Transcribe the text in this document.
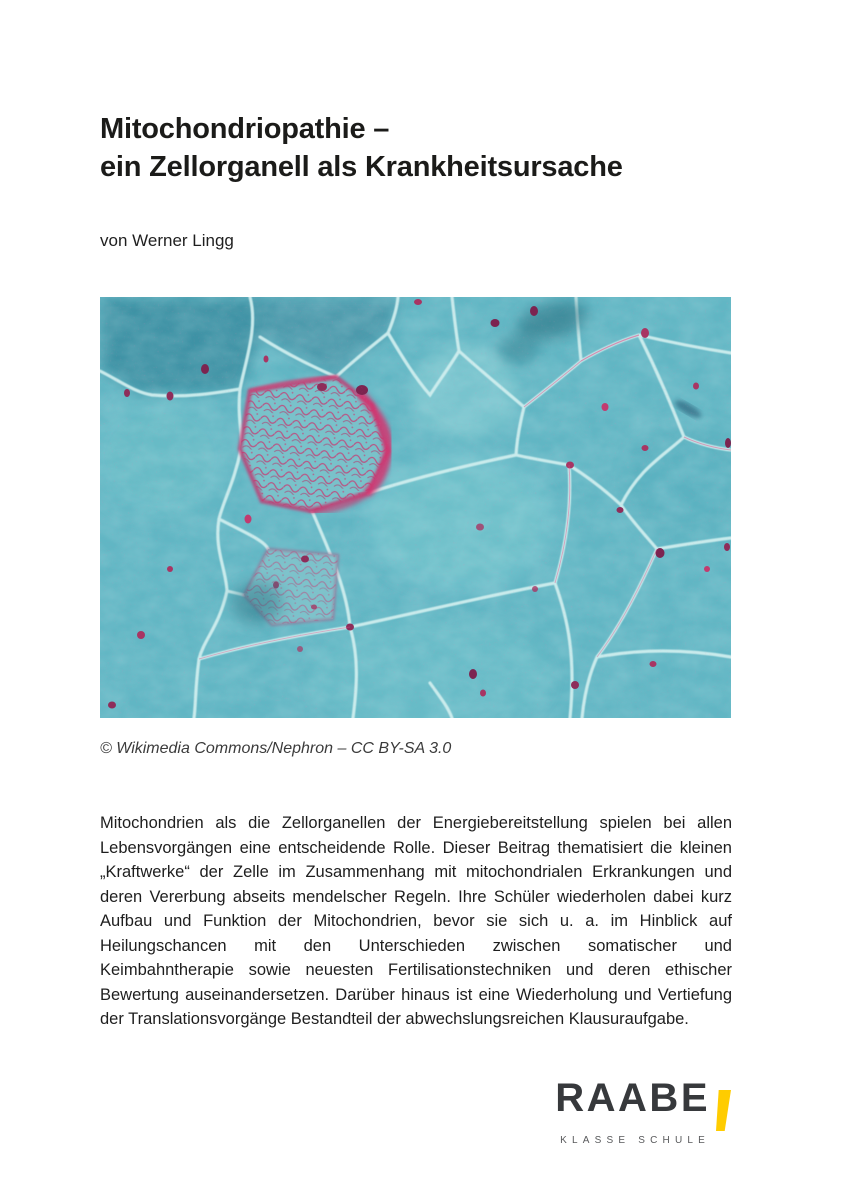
Mitochondriopathie –
ein Zellorganell als Krankheitsursache

von Werner Lingg

© Wikimedia Commons/Nephron – CC BY-SA 3.0

Mitochondrien als die Zellorganellen der Energiebereitstellung spielen bei allen Lebensvorgängen eine entscheidende Rolle. Dieser Beitrag thematisiert die kleinen „Kraftwerke“ der Zelle im Zusammenhang mit mitochondrialen Erkrankungen und deren Vererbung abseits mendelscher Regeln. Ihre Schüler wiederholen dabei kurz Aufbau und Funktion der Mitochondrien, bevor sie sich u. a. im Hinblick auf Heilungschancen mit den Unterschieden zwischen somatischer und Keimbahntherapie sowie neuesten Fertilisationstechniken und deren ethischer Bewertung auseinandersetzen. Darüber hinaus ist eine Wiederholung und Vertiefung der Translationsvorgänge Bestandteil der abwechslungsreichen Klausuraufgabe.

RAABE
KLASSE SCHULE
